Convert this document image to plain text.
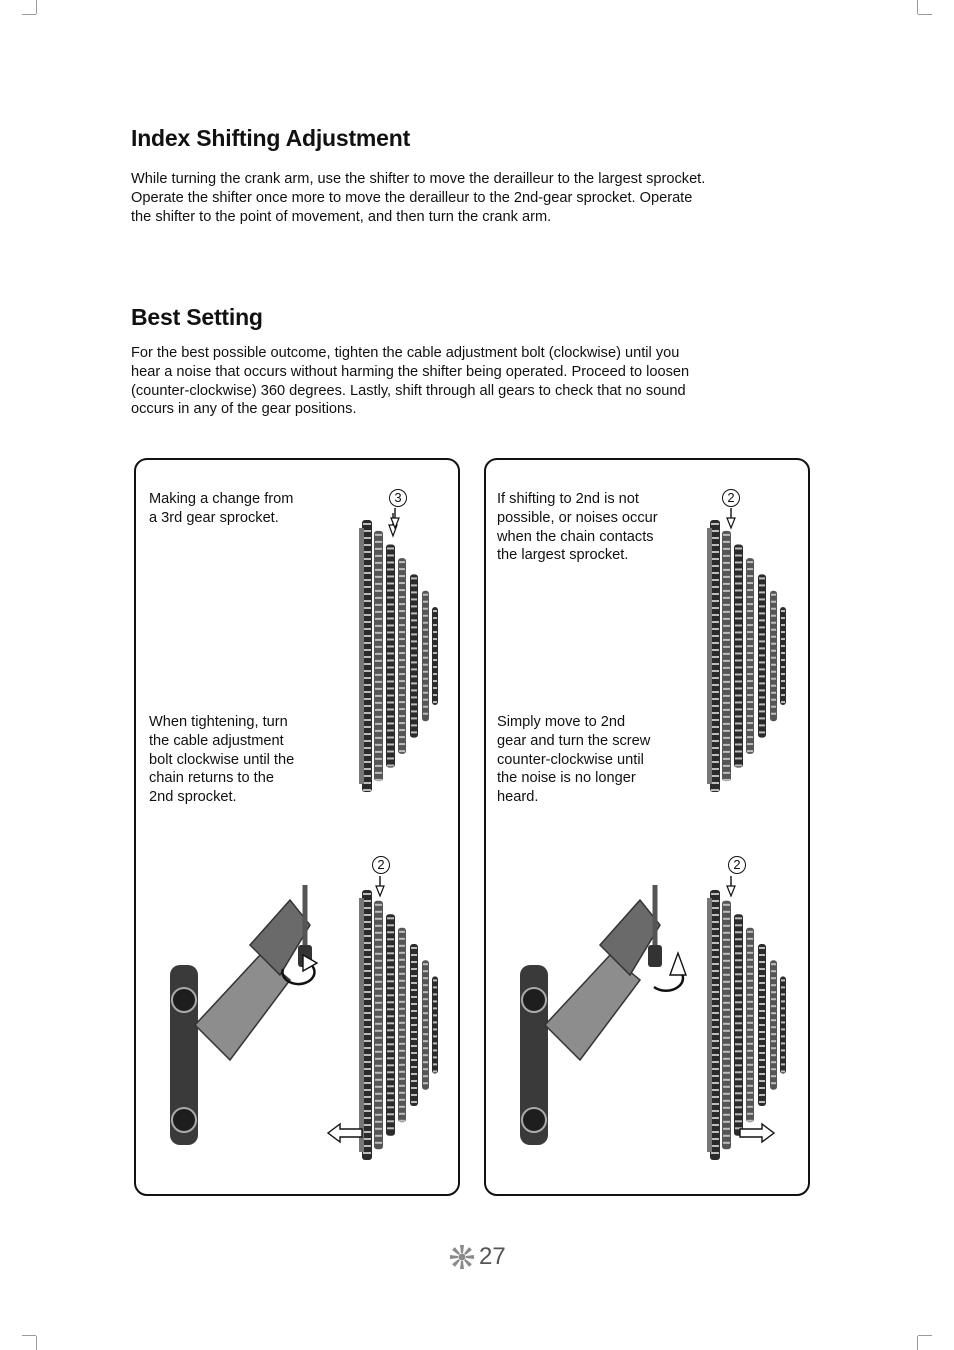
Index Shifting Adjustment
While turning the crank arm, use the shifter to move the derailleur to the largest sprocket.
Operate the shifter once more to move the derailleur to the 2nd-gear sprocket. Operate
the shifter to the point of movement, and then turn the crank arm.
Best Setting
For the best possible outcome, tighten the cable adjustment bolt (clockwise) until you
hear a noise that occurs without harming the shifter being operated. Proceed to loosen
(counter-clockwise) 360 degrees. Lastly, shift through all gears to check that no sound
occurs in any of the gear positions.
Making a change from
a 3rd gear sprocket.
3
When tightening, turn
the cable adjustment
bolt clockwise until the
chain returns to the
2nd sprocket.
2
If shifting to 2nd is not
possible, or noises occur
when the chain contacts
the largest sprocket.
2
Simply move to 2nd
gear and turn the screw
counter-clockwise until
the noise is no longer
heard.
2
27
